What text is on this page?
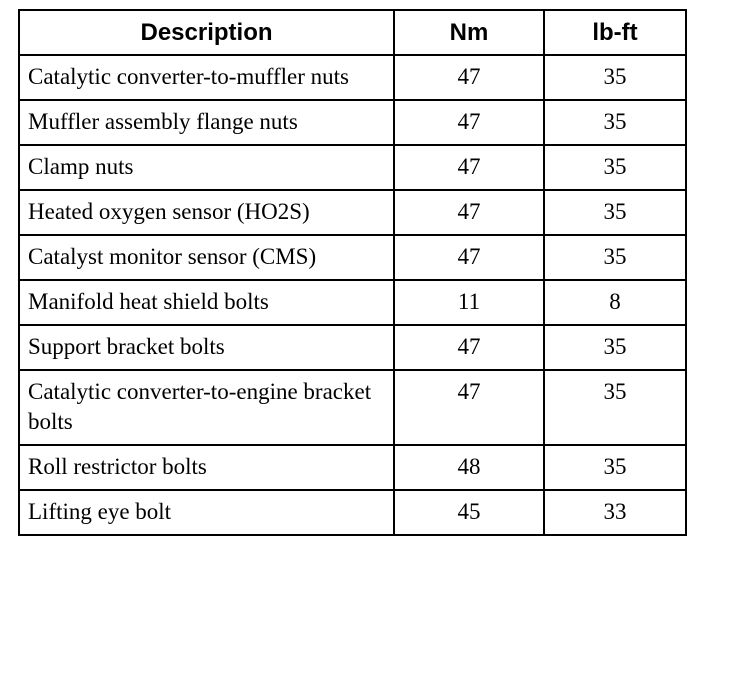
Description	Nm	lb-ft
Catalytic converter-to-muffler nuts	47	35
Muffler assembly flange nuts	47	35
Clamp nuts	47	35
Heated oxygen sensor (HO2S)	47	35
Catalyst monitor sensor (CMS)	47	35
Manifold heat shield bolts	11	8
Support bracket bolts	47	35
Catalytic converter-to-engine bracket bolts	47	35
Roll restrictor bolts	48	35
Lifting eye bolt	45	33
